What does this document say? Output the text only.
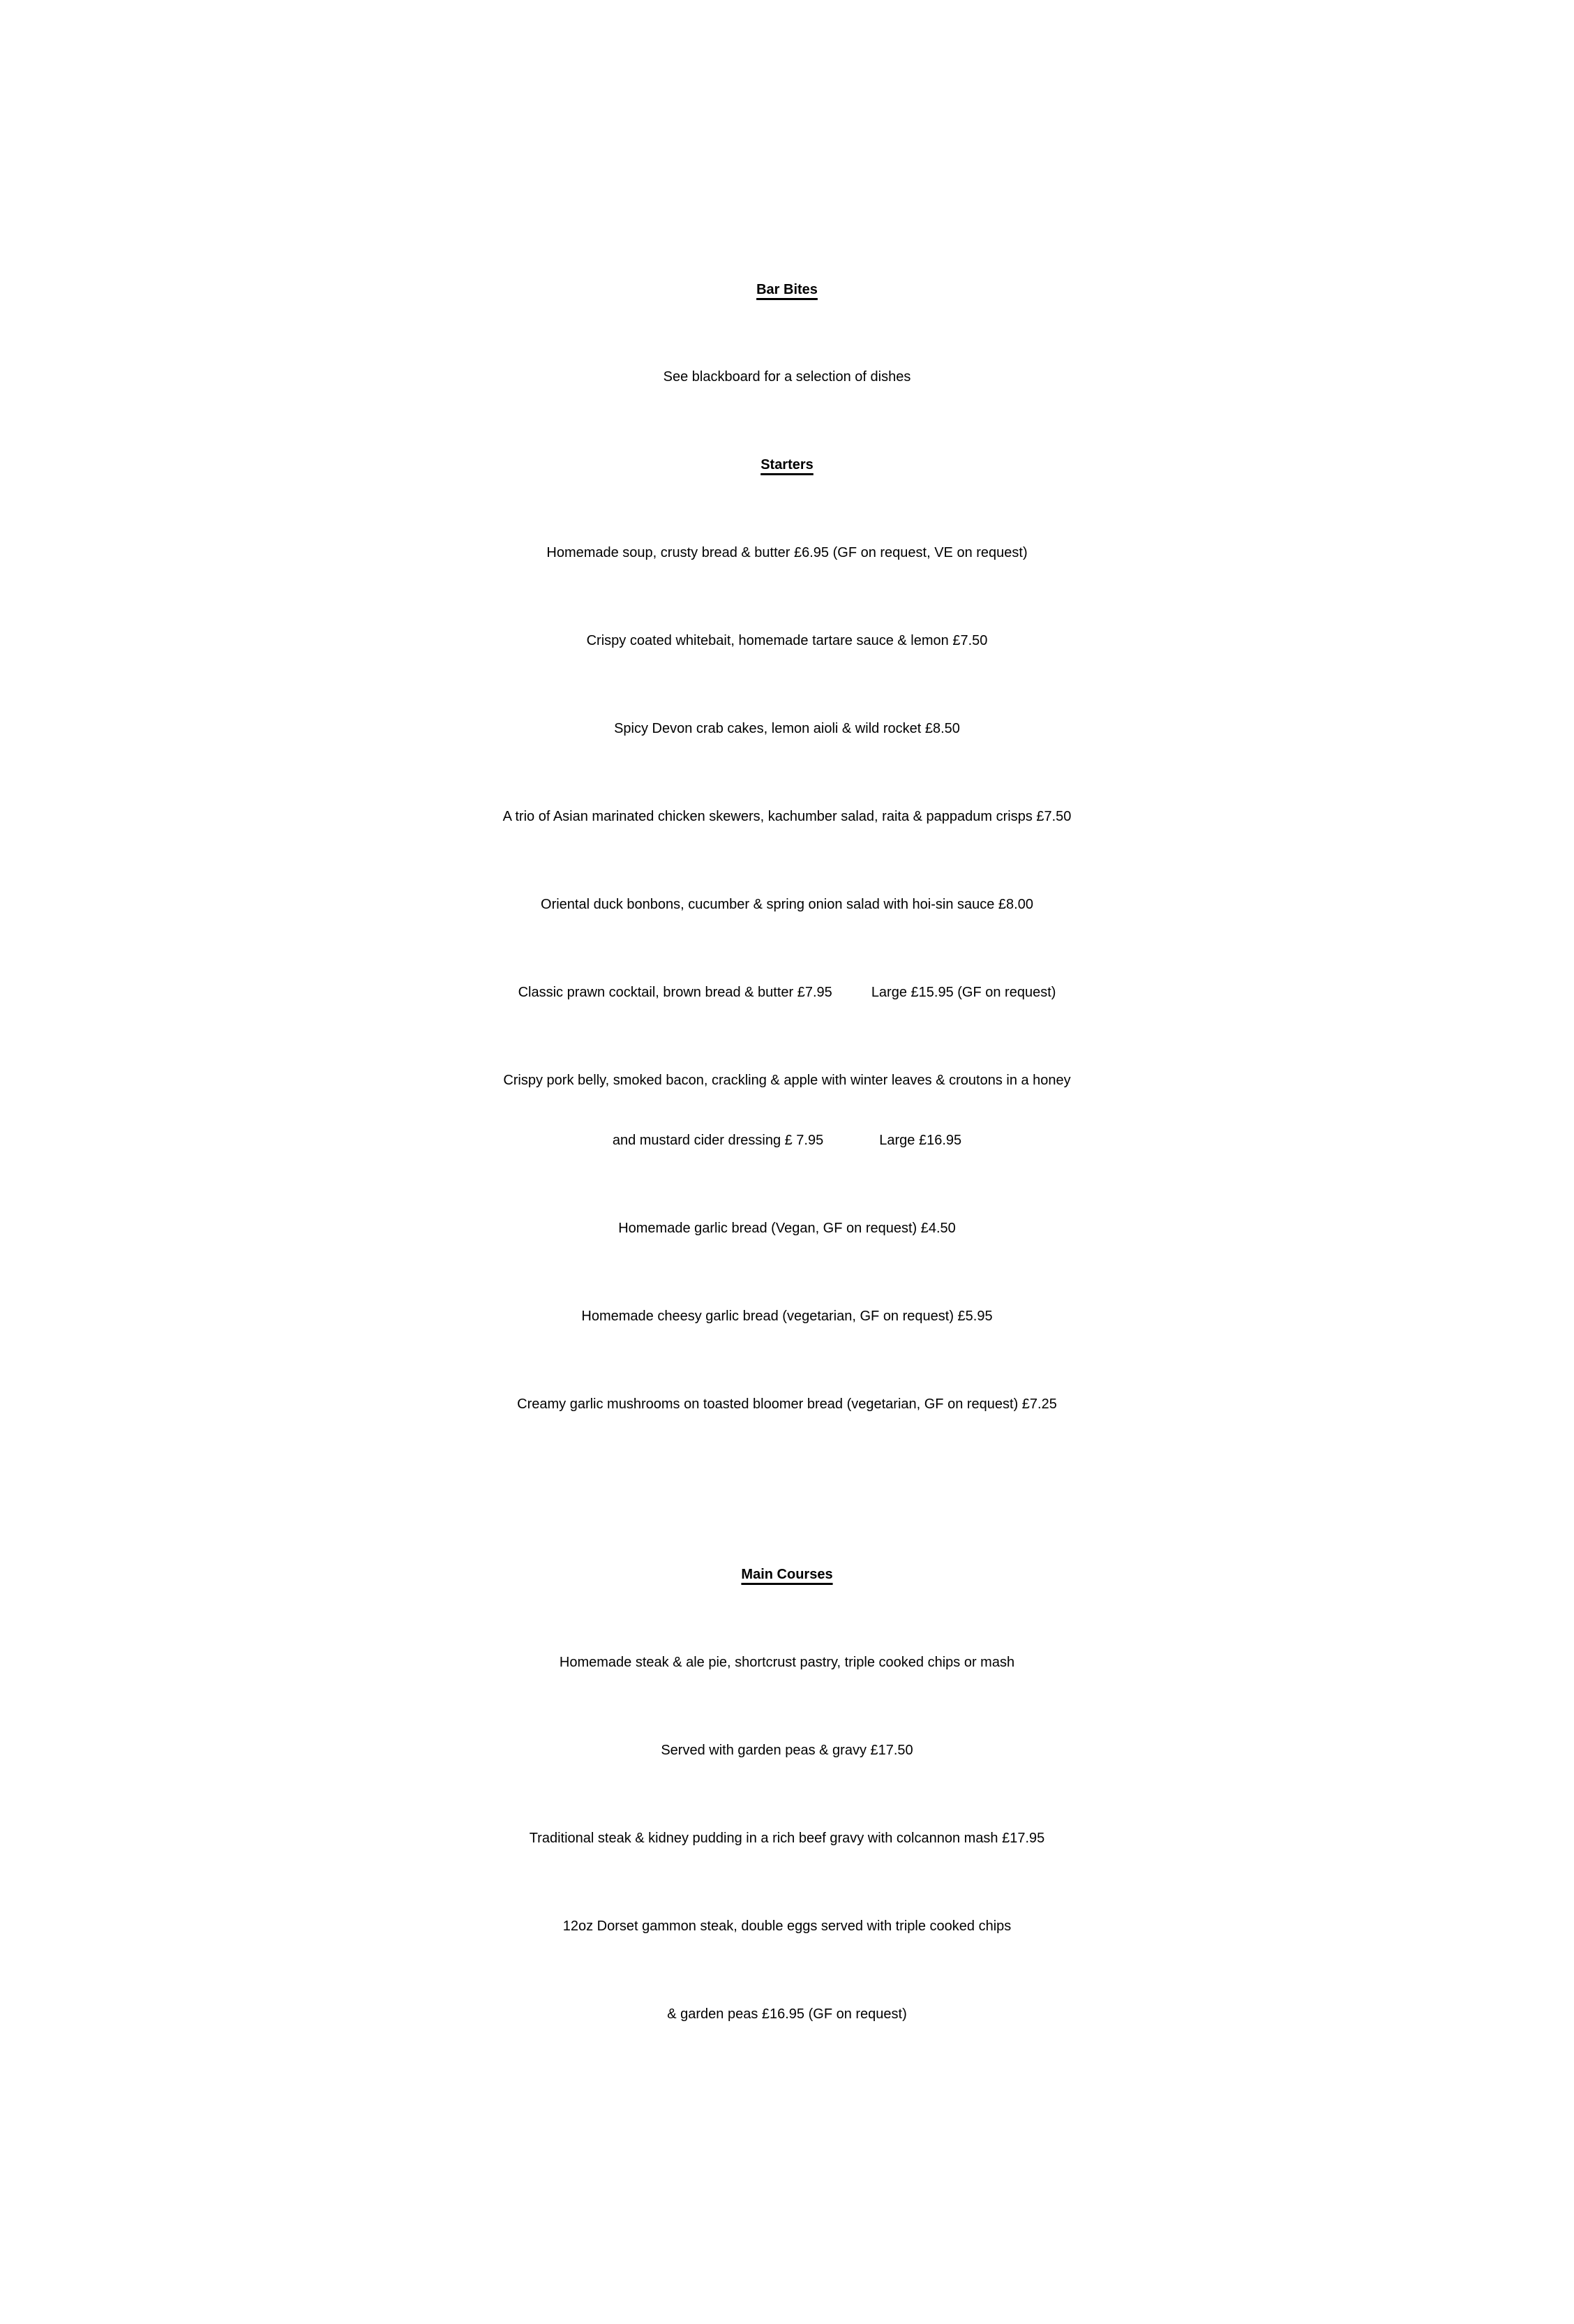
Bar Bites
See blackboard for a selection of dishes
Starters
Homemade soup, crusty bread & butter £6.95 (GF on request, VE on request)
Crispy coated whitebait, homemade tartare sauce & lemon £7.50
Spicy Devon crab cakes, lemon aioli & wild rocket £8.50
A trio of Asian marinated chicken skewers, kachumber salad, raita & pappadum crisps £7.50
Oriental duck bonbons, cucumber & spring onion salad with hoi-sin sauce £8.00
Classic prawn cocktail, brown bread & butter £7.95	Large £15.95 (GF on request)
Crispy pork belly, smoked bacon, crackling & apple with winter leaves & croutons in a honey
and mustard cider dressing £ 7.95	Large £16.95
Homemade garlic bread (Vegan, GF on request) £4.50
Homemade cheesy garlic bread (vegetarian, GF on request) £5.95
Creamy garlic mushrooms on toasted bloomer bread (vegetarian, GF on request) £7.25
Main Courses
Homemade steak & ale pie, shortcrust pastry, triple cooked chips or mash
Served with garden peas & gravy £17.50
Traditional steak & kidney pudding in a rich beef gravy with colcannon mash £17.95
12oz Dorset gammon steak, double eggs served with triple cooked chips
& garden peas £16.95 (GF on request)
